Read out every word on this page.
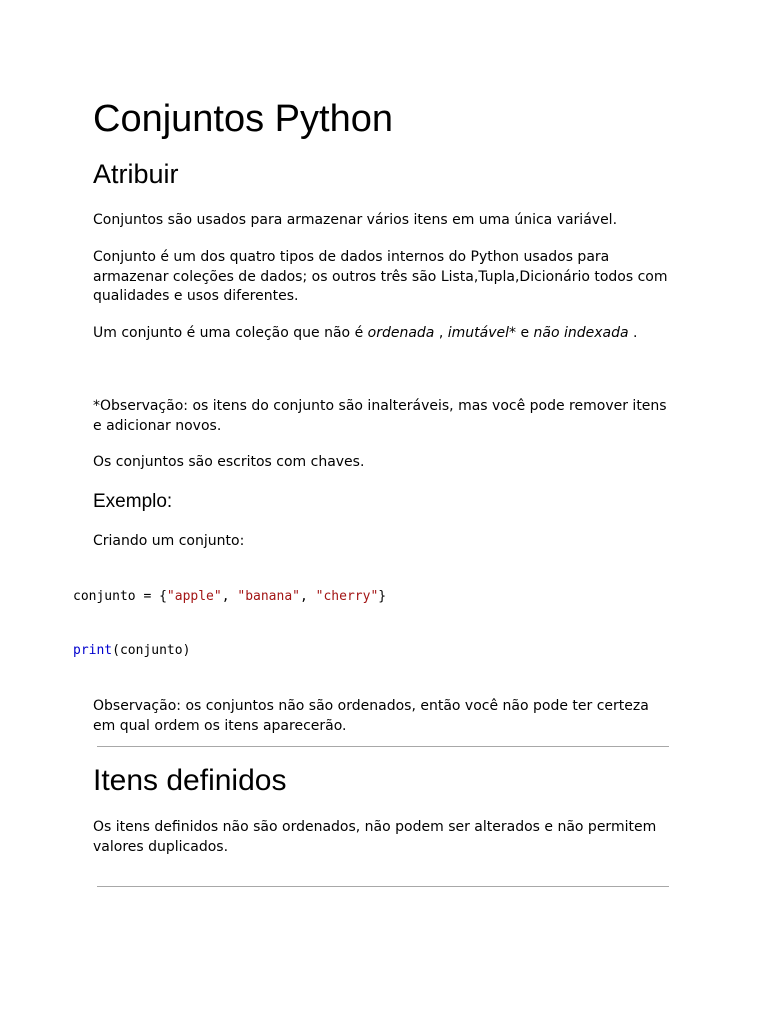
Conjuntos Python
Atribuir

Conjuntos são usados para armazenar vários itens em uma única variável.

Conjunto é um dos quatro tipos de dados internos do Python usados para armazenar coleções de dados; os outros três são Lista,Tupla,Dicionário todos com qualidades e usos diferentes.

Um conjunto é uma coleção que não é ordenada , imutável* e não indexada .

*Observação: os itens do conjunto são inalteráveis, mas você pode remover itens e adicionar novos.

Os conjuntos são escritos com chaves.

Exemplo:

Criando um conjunto:

conjunto = {"apple", "banana", "cherry"}
print(conjunto)

Observação: os conjuntos não são ordenados, então você não pode ter certeza em qual ordem os itens aparecerão.

Itens definidos

Os itens definidos não são ordenados, não podem ser alterados e não permitem valores duplicados.
